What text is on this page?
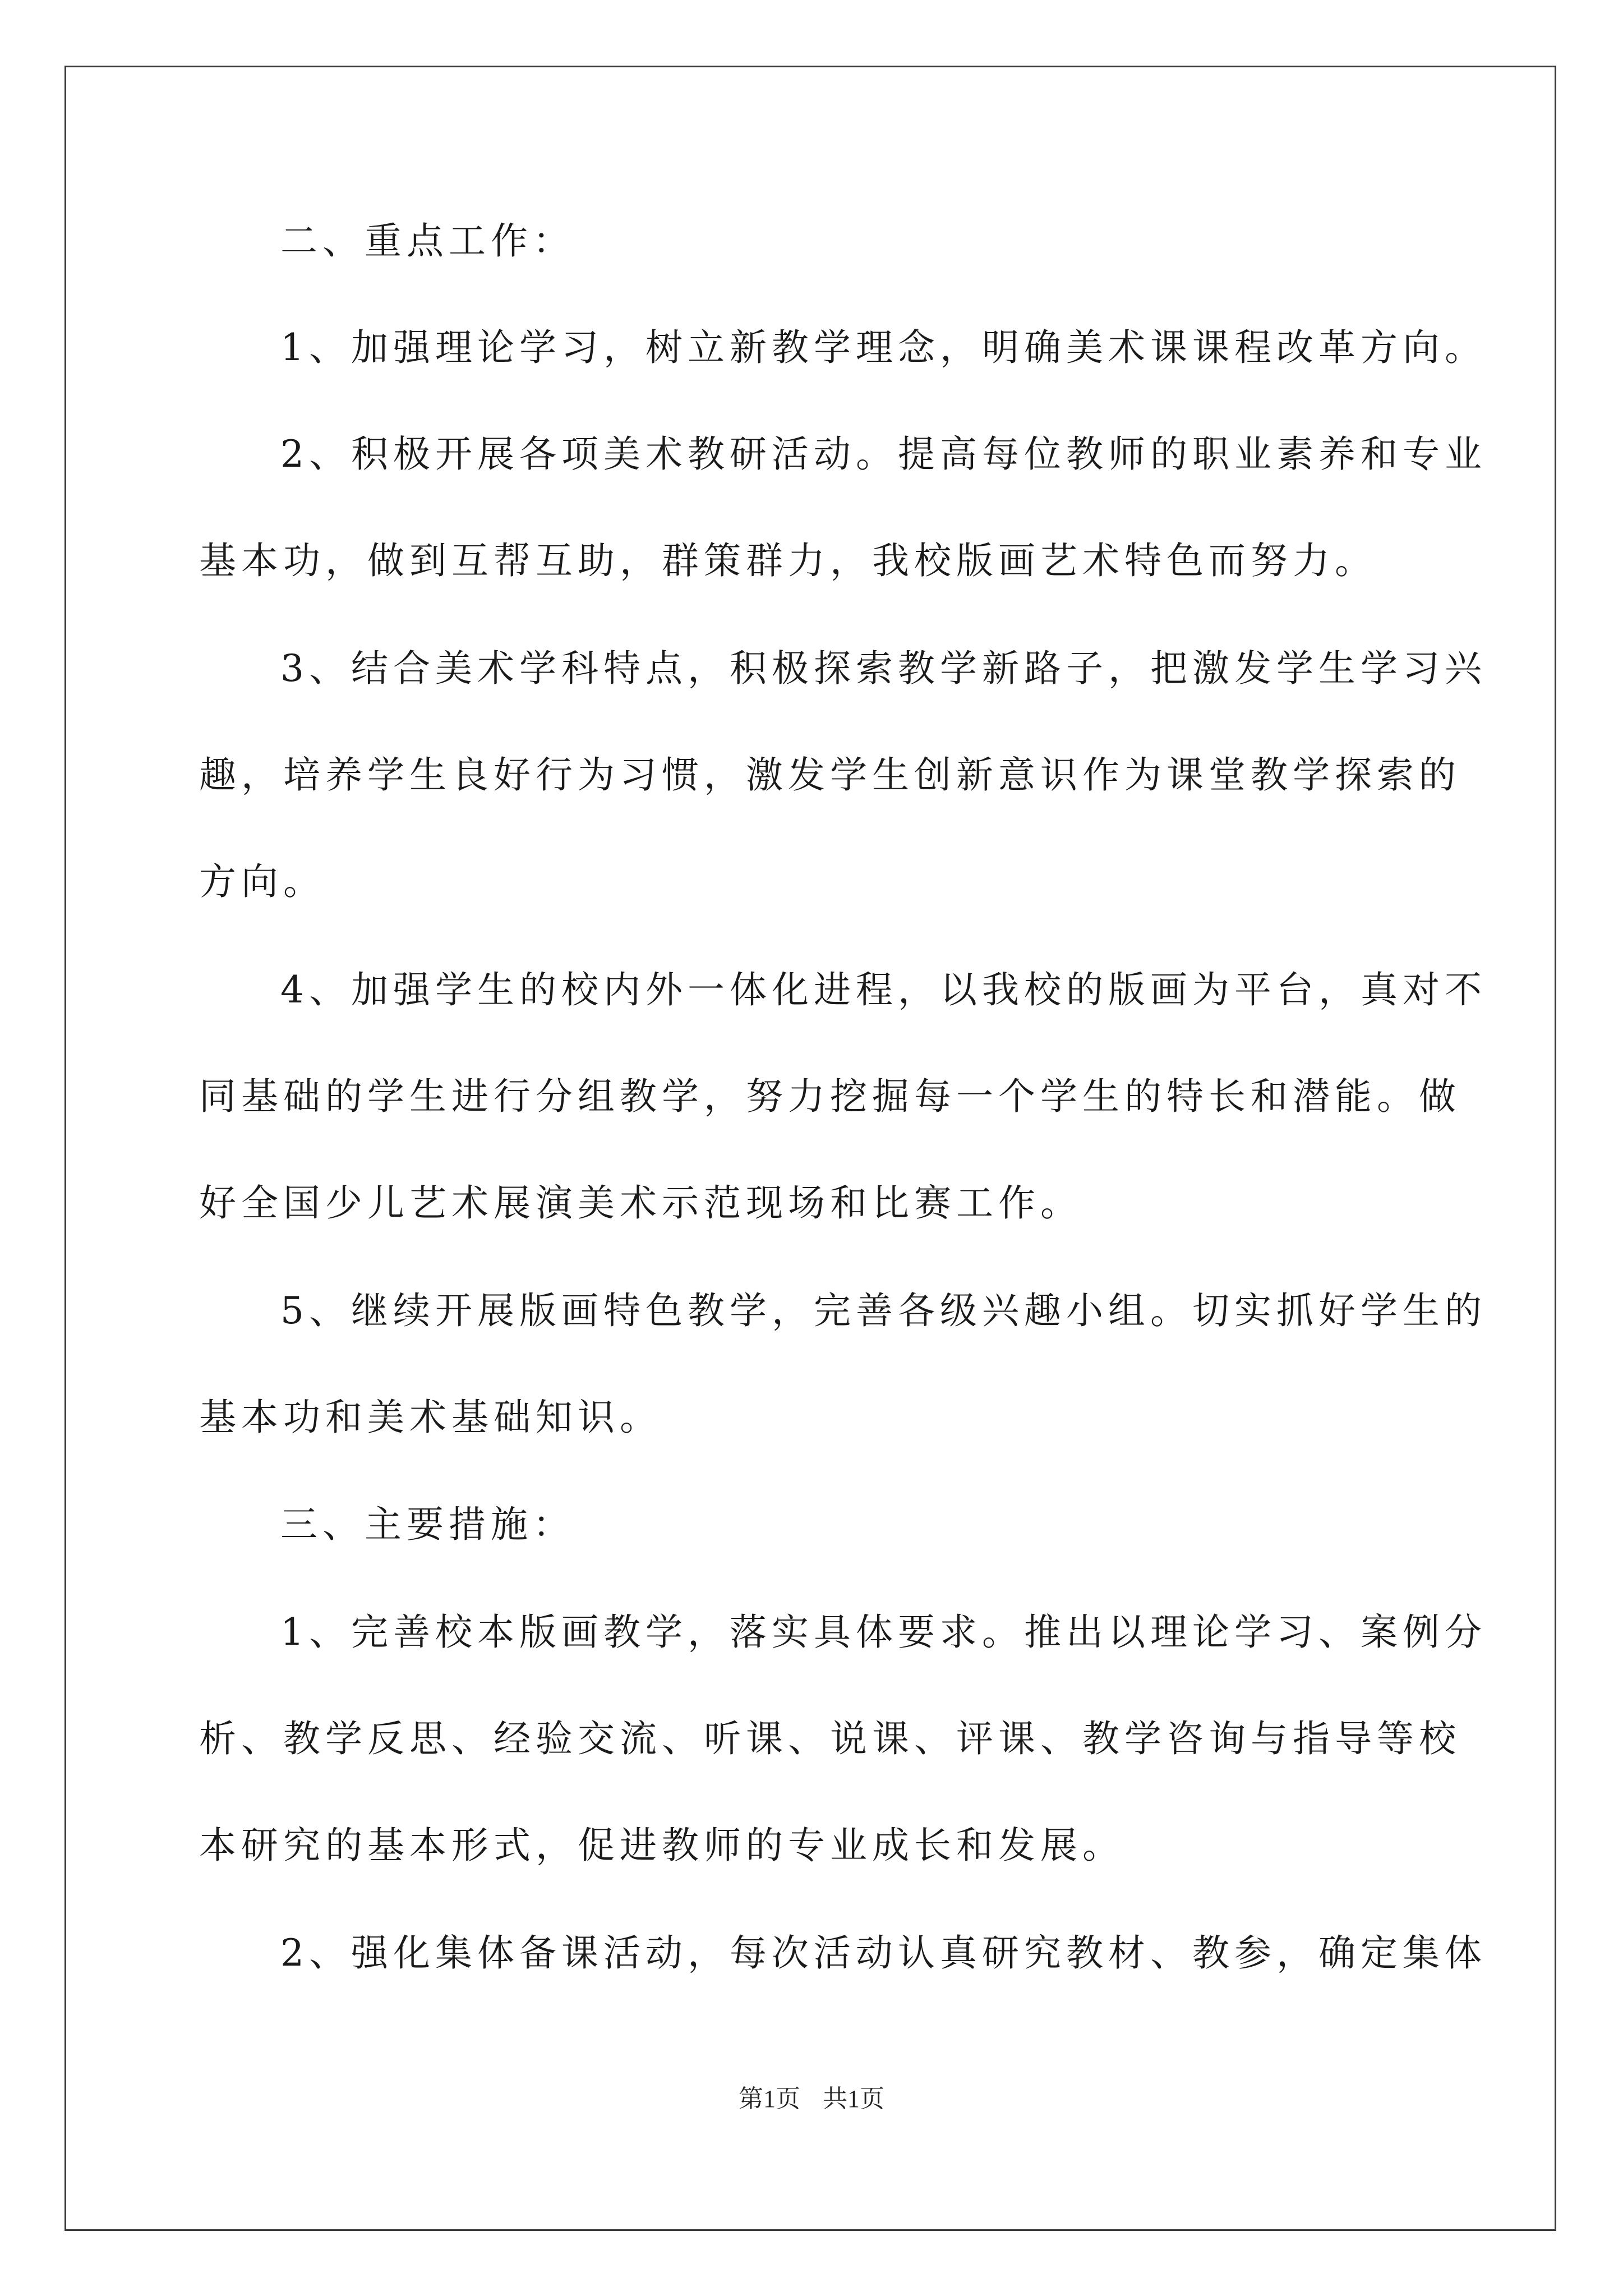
二、重点工作：
1、加强理论学习，树立新教学理念，明确美术课课程改革方向。
2、积极开展各项美术教研活动。提高每位教师的职业素养和专业
基本功，做到互帮互助，群策群力，我校版画艺术特色而努力。
3、结合美术学科特点，积极探索教学新路子，把激发学生学习兴
趣，培养学生良好行为习惯，激发学生创新意识作为课堂教学探索的
方向。
4、加强学生的校内外一体化进程，以我校的版画为平台，真对不
同基础的学生进行分组教学，努力挖掘每一个学生的特长和潜能。做
好全国少儿艺术展演美术示范现场和比赛工作。
5、继续开展版画特色教学，完善各级兴趣小组。切实抓好学生的
基本功和美术基础知识。
三、主要措施：
1、完善校本版画教学，落实具体要求。推出以理论学习、案例分
析、教学反思、经验交流、听课、说课、评课、教学咨询与指导等校
本研究的基本形式，促进教师的专业成长和发展。
2、强化集体备课活动，每次活动认真研究教材、教参，确定集体
第1页 共1页
